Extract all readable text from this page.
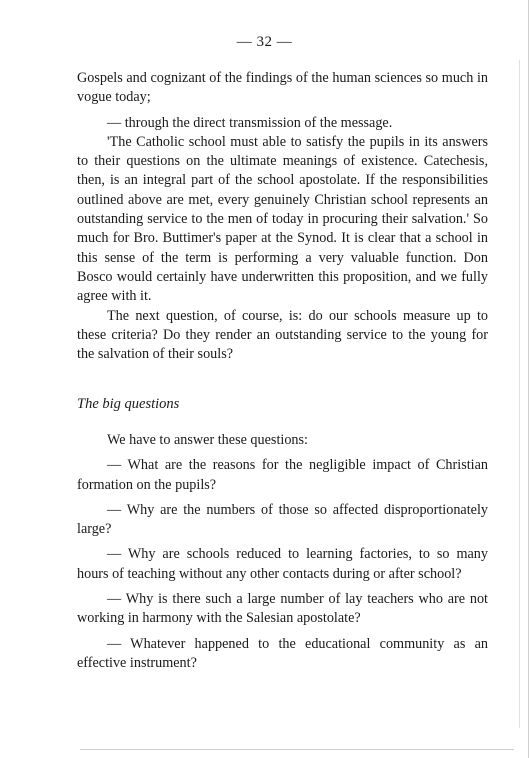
— 32 —

Gospels and cognizant of the findings of the human sciences so much in vogue today;

— through the direct transmission of the message.

'The Catholic school must able to satisfy the pupils in its answers to their questions on the ultimate meanings of existence. Catechesis, then, is an integral part of the school apostolate. If the responsibilities outlined above are met, every genuinely Christian school represents an outstanding service to the men of today in procuring their salvation.' So much for Bro. Buttimer's paper at the Synod. It is clear that a school in this sense of the term is performing a very valuable function. Don Bosco would certainly have underwritten this proposition, and we fully agree with it.

The next question, of course, is: do our schools measure up to these criteria? Do they render an outstanding service to the young for the salvation of their souls?

The big questions

We have to answer these questions:

— What are the reasons for the negligible impact of Christian formation on the pupils?

— Why are the numbers of those so affected disproportionately large?

— Why are schools reduced to learning factories, to so many hours of teaching without any other contacts during or after school?

— Why is there such a large number of lay teachers who are not working in harmony with the Salesian apostolate?

— Whatever happened to the educational community as an effective instrument?
